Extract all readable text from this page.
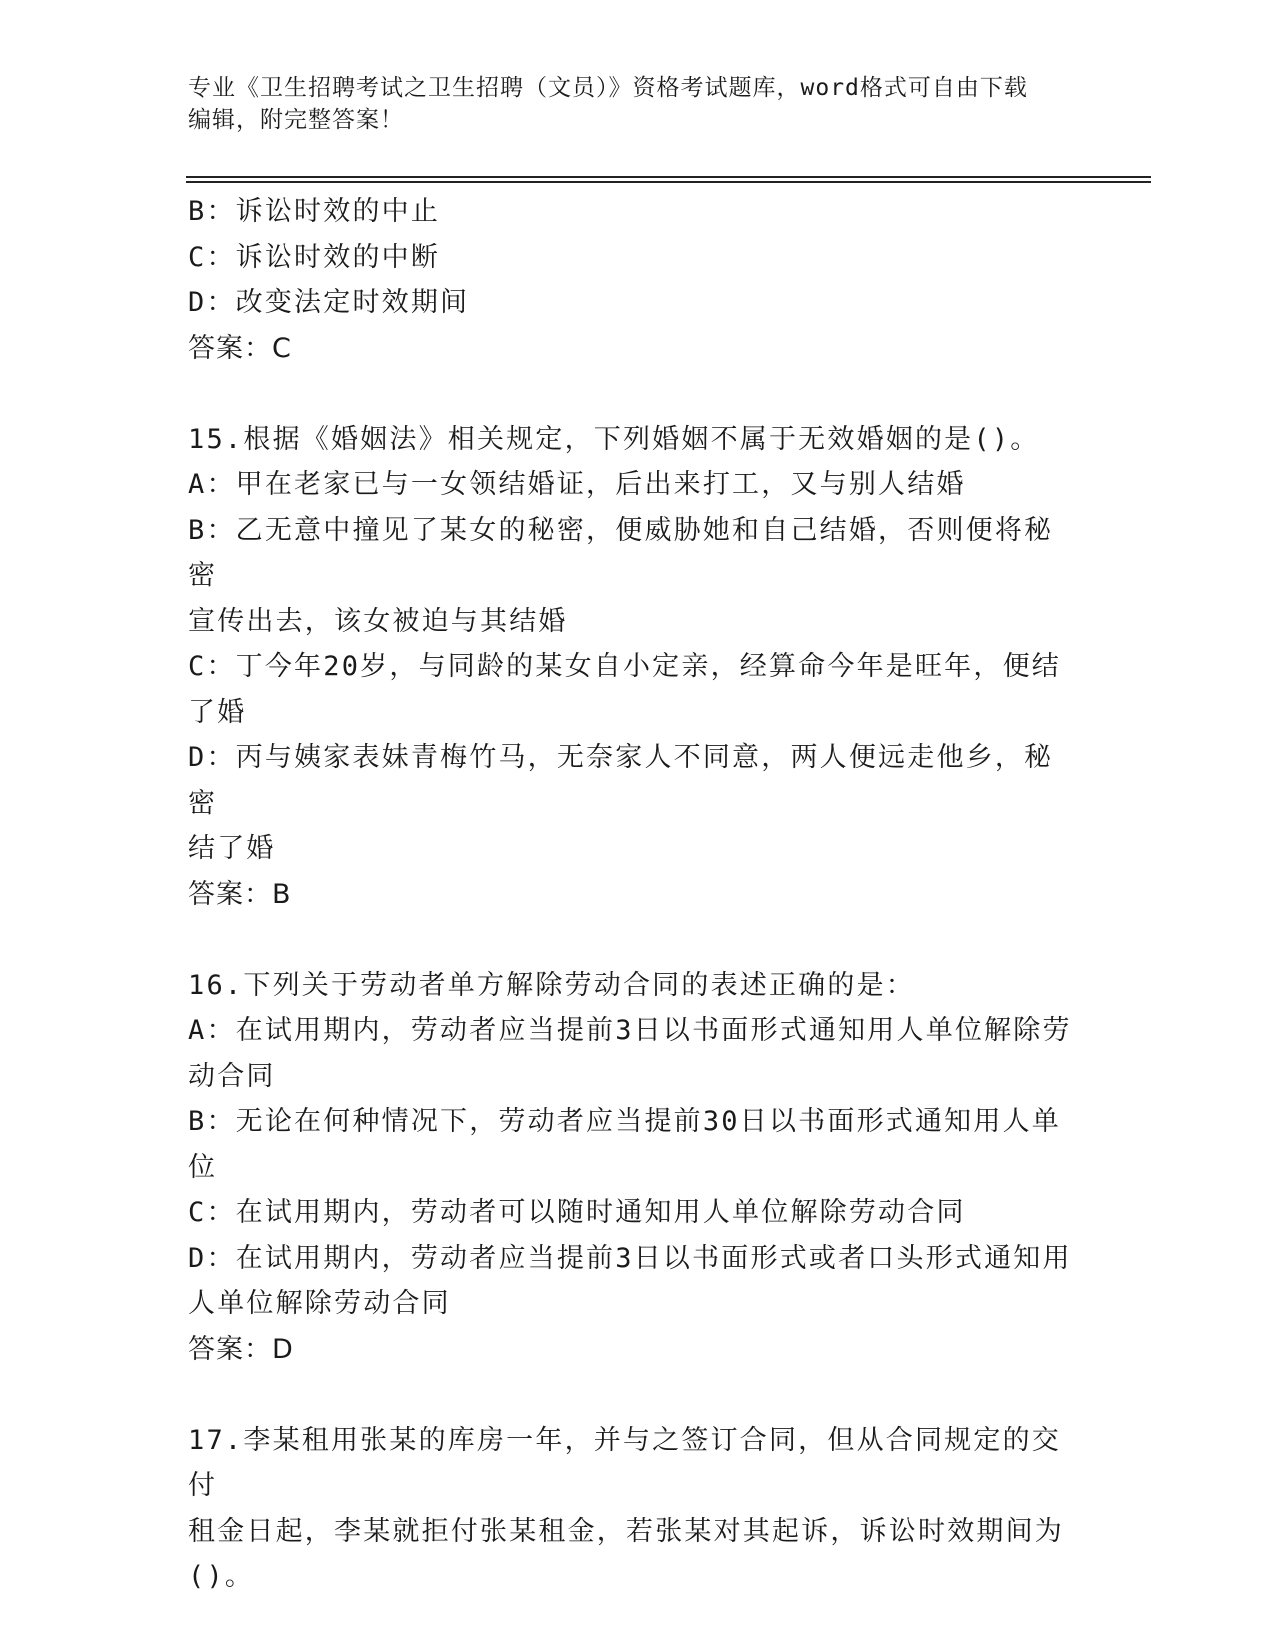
专业《卫生招聘考试之卫生招聘（文员）》资格考试题库，word格式可自由下载
编辑，附完整答案！
B：诉讼时效的中止
C：诉讼时效的中断
D：改变法定时效期间
答案：C
15.根据《婚姻法》相关规定，下列婚姻不属于无效婚姻的是()。
A：甲在老家已与一女领结婚证，后出来打工，又与别人结婚
B：乙无意中撞见了某女的秘密，便威胁她和自己结婚，否则便将秘密
宣传出去，该女被迫与其结婚
C：丁今年20岁，与同龄的某女自小定亲，经算命今年是旺年，便结
了婚
D：丙与姨家表妹青梅竹马，无奈家人不同意，两人便远走他乡，秘密
结了婚
答案：B
16.下列关于劳动者单方解除劳动合同的表述正确的是：
A：在试用期内，劳动者应当提前3日以书面形式通知用人单位解除劳
动合同
B：无论在何种情况下，劳动者应当提前30日以书面形式通知用人单
位
C：在试用期内，劳动者可以随时通知用人单位解除劳动合同
D：在试用期内，劳动者应当提前3日以书面形式或者口头形式通知用
人单位解除劳动合同
答案：D
17.李某租用张某的库房一年，并与之签订合同，但从合同规定的交付
租金日起，李某就拒付张某租金，若张某对其起诉，诉讼时效期间为
()。
